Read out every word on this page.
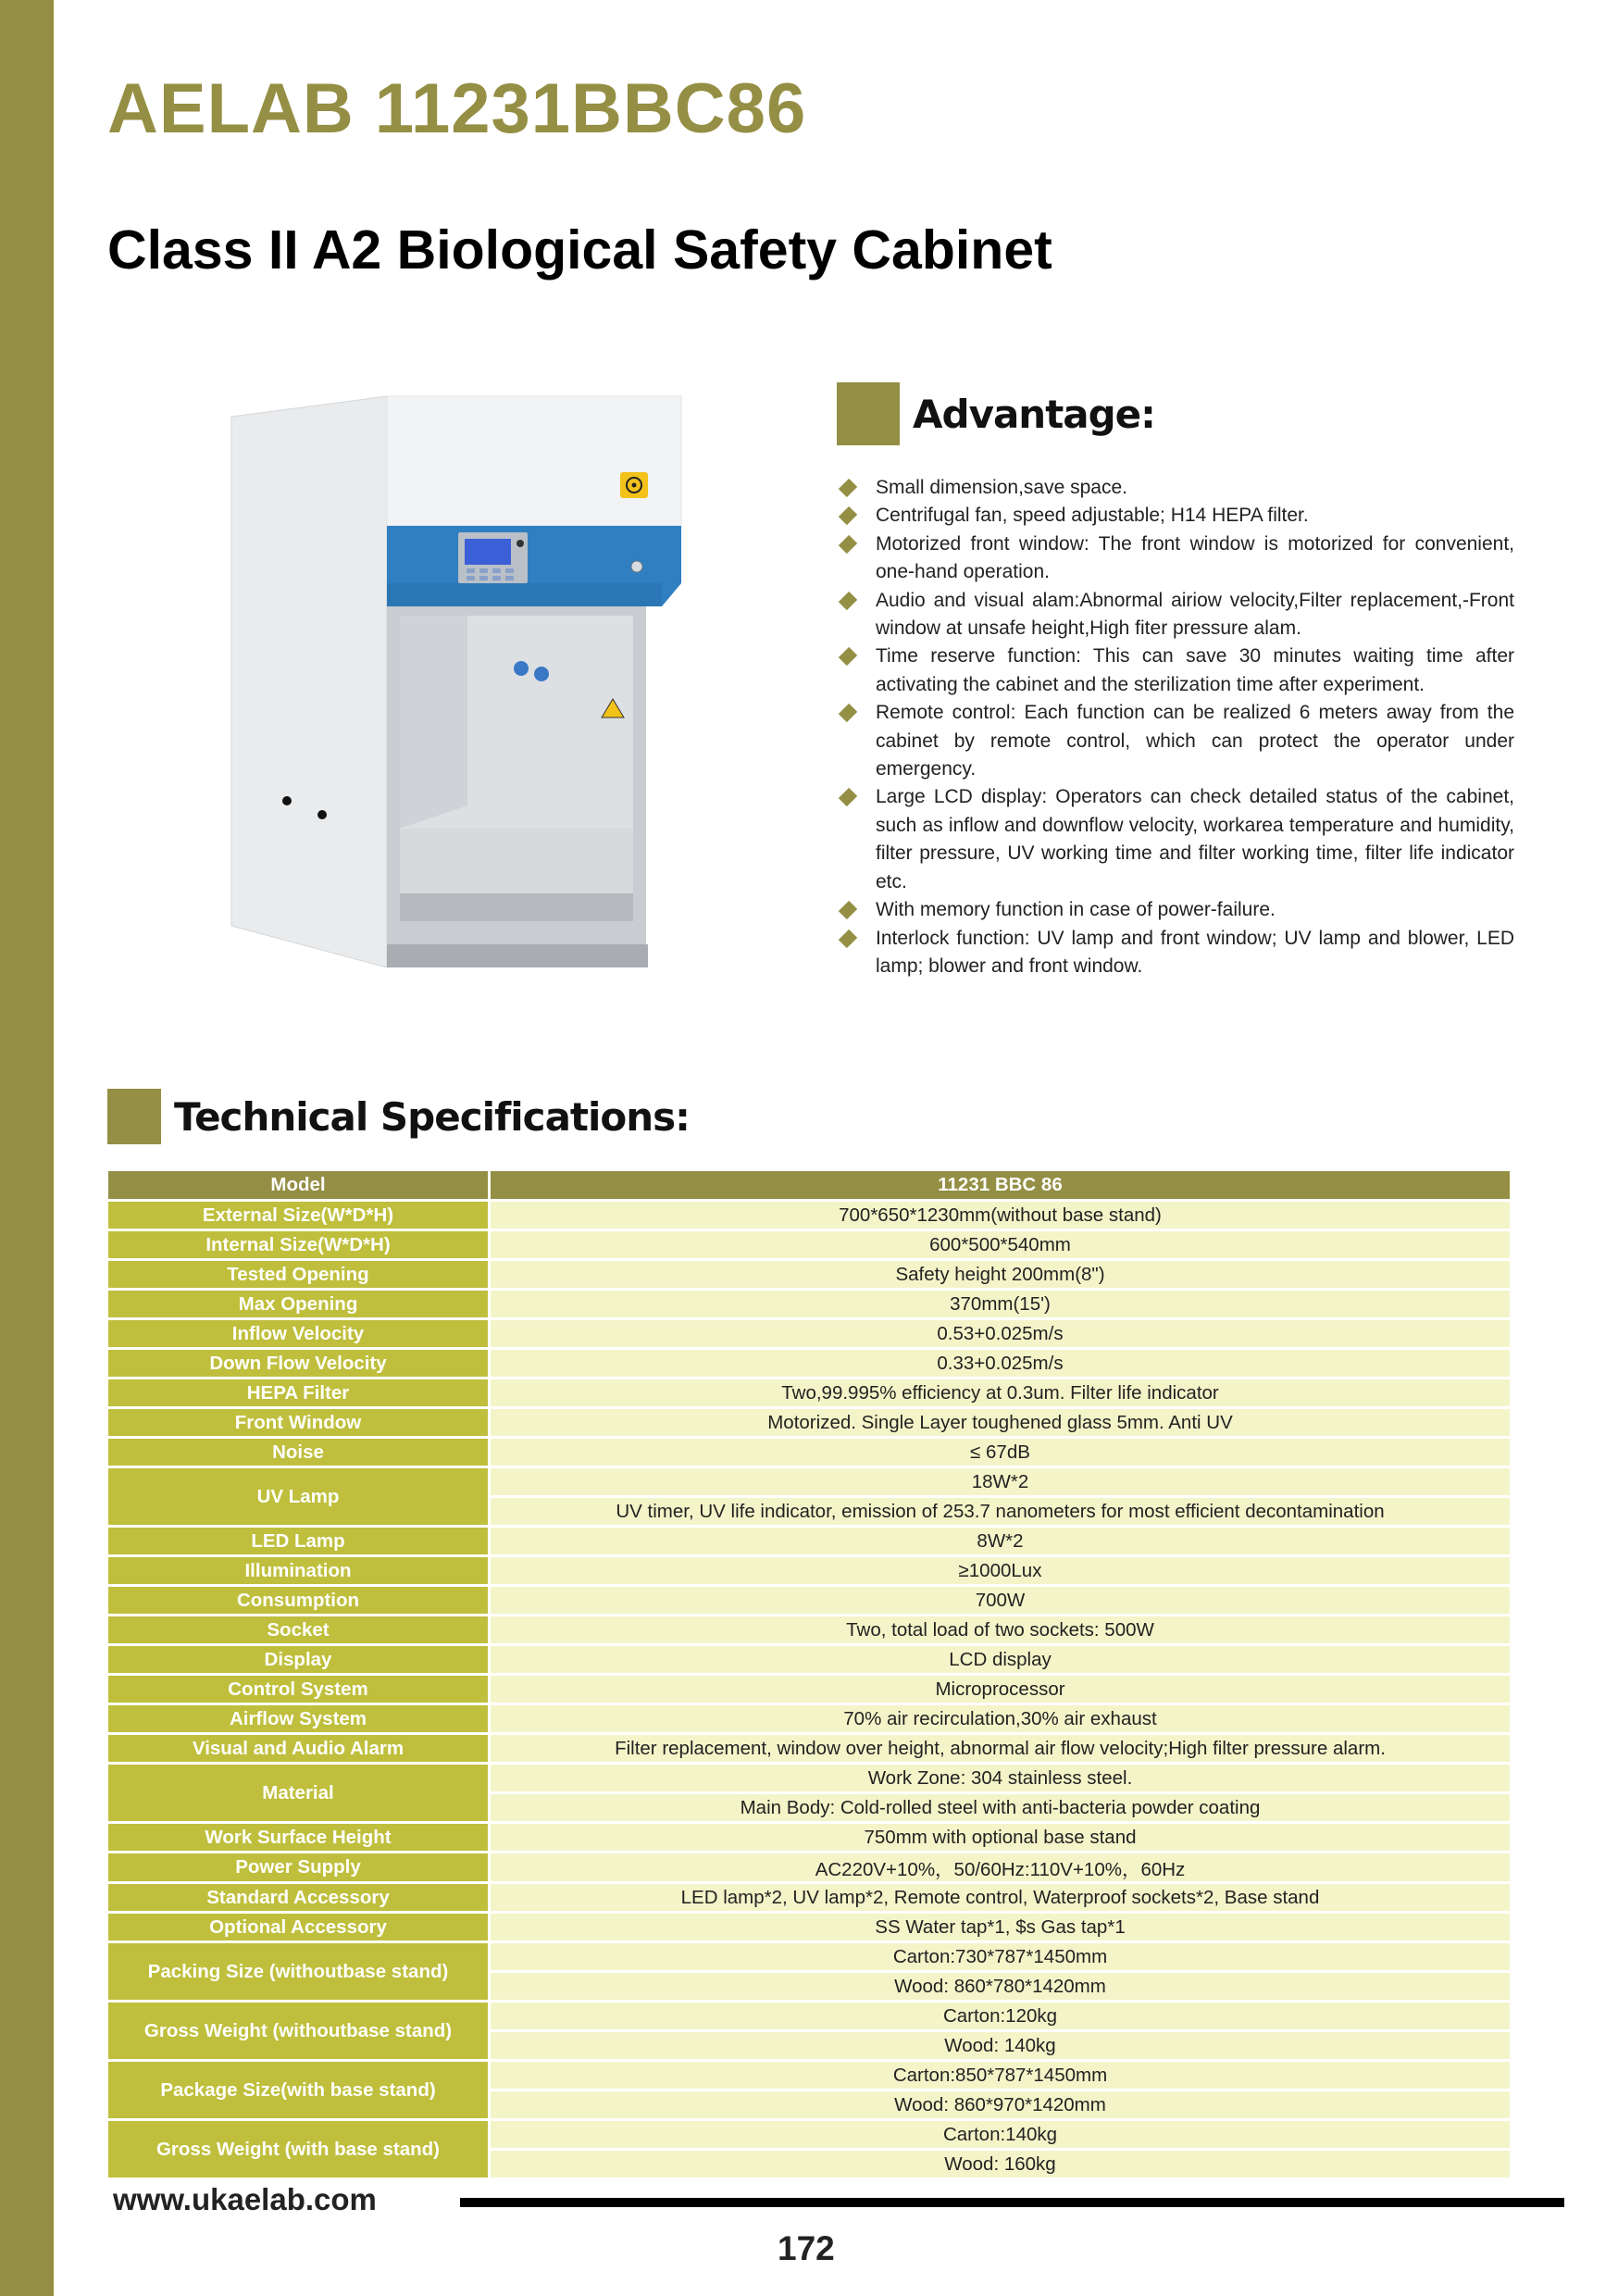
AELAB 11231BBC86
Class II A2 Biological Safety Cabinet
Advantage:
Small dimension,save space.
Centrifugal fan, speed adjustable; H14 HEPA filter.
Motorized front window: The front window is motorized for convenient, one-hand operation.
Audio and visual alam:Abnormal airiow velocity,Filter replacement,-Front window at unsafe height,High fiter pressure alam.
Time reserve function: This can save 30 minutes waiting time after activating the cabinet and the sterilization time after experiment.
Remote control: Each function can be realized 6 meters away from the cabinet by remote control, which can protect the operator under emergency.
Large LCD display: Operators can check detailed status of the cabinet, such as inflow and downflow velocity, workarea temperature and humidity, filter pressure, UV working time and filter working time, filter life indicator etc.
With memory function in case of power-failure.
Interlock function: UV lamp and front window; UV lamp and blower, LED lamp; blower and front window.
Technical Specifications:
Model	11231 BBC 86
External Size(W*D*H)	700*650*1230mm(without base stand)
Internal Size(W*D*H)	600*500*540mm
Tested Opening	Safety height 200mm(8")
Max Opening	370mm(15')
Inflow Velocity	0.53+0.025m/s
Down Flow Velocity	0.33+0.025m/s
HEPA Filter	Two,99.995% efficiency at 0.3um. Filter life indicator
Front Window	Motorized. Single Layer toughened glass 5mm. Anti UV
Noise	≤ 67dB
UV Lamp	18W*2
	UV timer, UV life indicator, emission of 253.7 nanometers for most efficient decontamination
LED Lamp	8W*2
Illumination	≥1000Lux
Consumption	700W
Socket	Two, total load of two sockets: 500W
Display	LCD display
Control System	Microprocessor
Airflow System	70% air recirculation,30% air exhaust
Visual and Audio Alarm	Filter replacement, window over height, abnormal air flow velocity;High filter pressure alarm.
Material	Work Zone: 304 stainless steel.
	Main Body: Cold-rolled steel with anti-bacteria powder coating
Work Surface Height	750mm with optional base stand
Power Supply	AC220V+10%，50/60Hz:110V+10%，60Hz
Standard Accessory	LED lamp*2, UV lamp*2, Remote control, Waterproof sockets*2, Base stand
Optional Accessory	SS Water tap*1, $s Gas tap*1
Packing Size (withoutbase stand)	Carton:730*787*1450mm
	Wood: 860*780*1420mm
Gross Weight (withoutbase stand)	Carton:120kg
	Wood: 140kg
Package Size(with base stand)	Carton:850*787*1450mm
	Wood: 860*970*1420mm
Gross Weight (with base stand)	Carton:140kg
	Wood: 160kg
www.ukaelab.com
172
